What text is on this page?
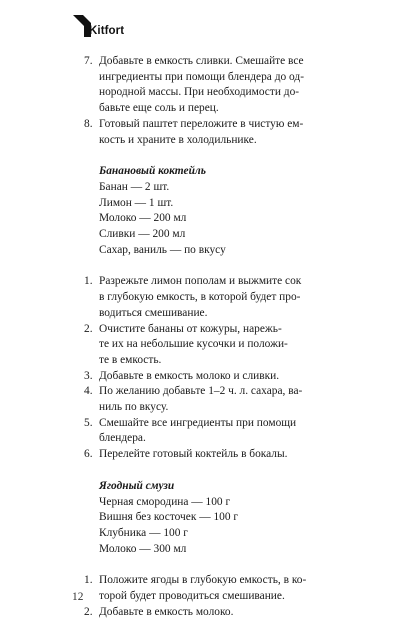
Kitfort
7. Добавьте в емкость сливки. Смешайте все
ингредиенты при помощи блендера до од-
нородной массы. При необходимости до-
бавьте еще соль и перец.
8. Готовый паштет переложите в чистую ем-
кость и храните в холодильнике.
Банановый коктейль
Банан — 2 шт.
Лимон — 1 шт.
Молоко — 200 мл
Сливки — 200 мл
Сахар, ваниль — по вкусу
1. Разрежьте лимон пополам и выжмите сок
в глубокую емкость, в которой будет про-
водиться смешивание.
2. Очистите бананы от кожуры, нарежь-
те их на небольшие кусочки и положи-
те в емкость.
3. Добавьте в емкость молоко и сливки.
4. По желанию добавьте 1–2 ч. л. сахара, ва-
ниль по вкусу.
5. Смешайте все ингредиенты при помощи
блендера.
6. Перелейте готовый коктейль в бокалы.
Ягодный смузи
Черная смородина — 100 г
Вишня без косточек — 100 г
Клубника — 100 г
Молоко — 300 мл
1. Положите ягоды в глубокую емкость, в ко-
торой будет проводиться смешивание.
2. Добавьте в емкость молоко.
12
